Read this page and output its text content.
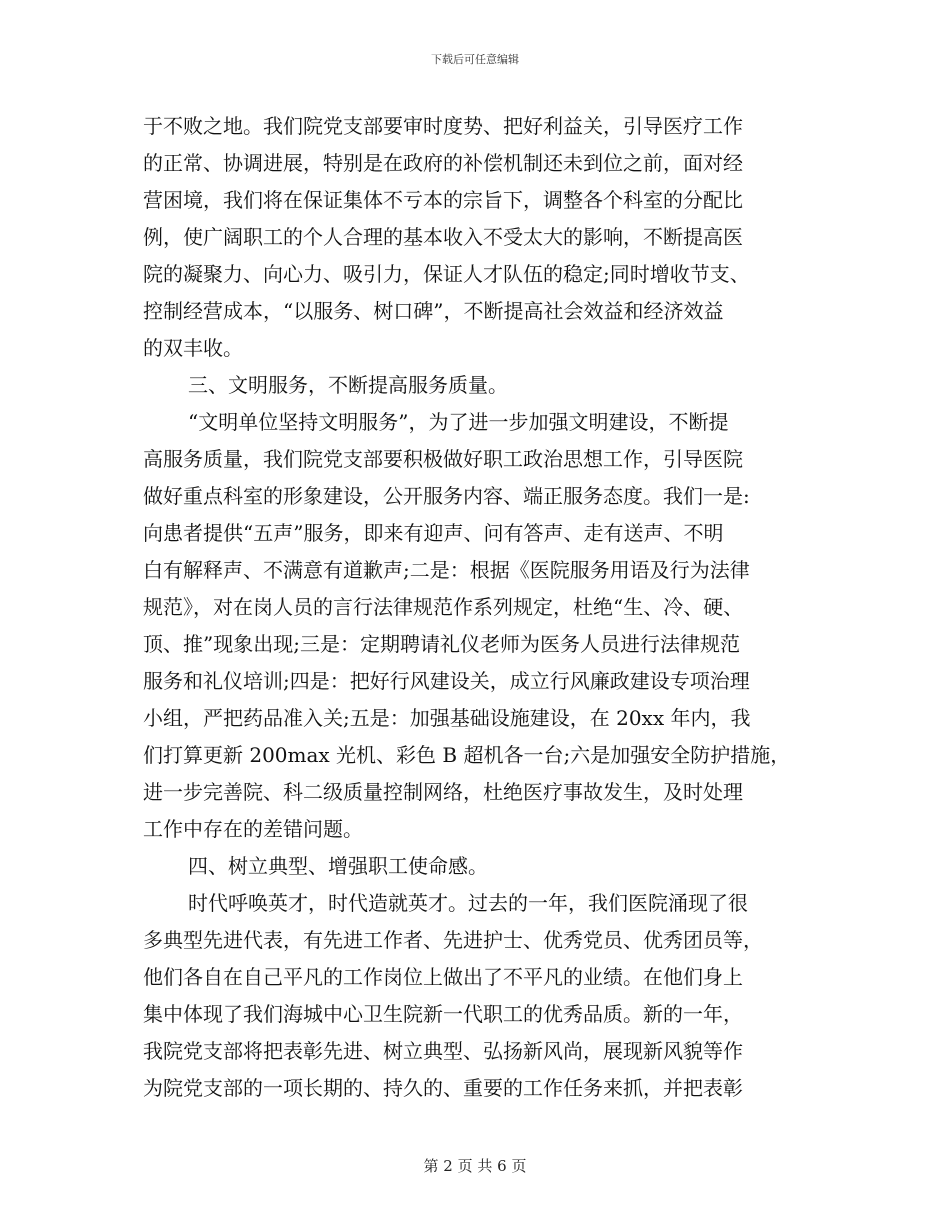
下载后可任意编辑
于不败之地。我们院党支部要审时度势、把好利益关，引导医疗工作
的正常、协调进展，特别是在政府的补偿机制还未到位之前，面对经
营困境，我们将在保证集体不亏本的宗旨下，调整各个科室的分配比
例，使广阔职工的个人合理的基本收入不受太大的影响，不断提高医
院的凝聚力、向心力、吸引力，保证人才队伍的稳定;同时增收节支、
控制经营成本，“以服务、树口碑”，不断提高社会效益和经济效益
的双丰收。
三、文明服务，不断提高服务质量。
“文明单位坚持文明服务”，为了进一步加强文明建设，不断提
高服务质量，我们院党支部要积极做好职工政治思想工作，引导医院
做好重点科室的形象建设，公开服务内容、端正服务态度。我们一是:
向患者提供“五声”服务，即来有迎声、问有答声、走有送声、不明
白有解释声、不满意有道歉声;二是：根据《医院服务用语及行为法律
规范》，对在岗人员的言行法律规范作系列规定，杜绝“生、冷、硬、
顶、推”现象出现;三是：定期聘请礼仪老师为医务人员进行法律规范
服务和礼仪培训;四是：把好行风建设关，成立行风廉政建设专项治理
小组，严把药品准入关;五是：加强基础设施建设，在 20xx 年内，我
们打算更新 200max 光机、彩色 B 超机各一台;六是加强安全防护措施，
进一步完善院、科二级质量控制网络，杜绝医疗事故发生，及时处理
工作中存在的差错问题。
四、树立典型、增强职工使命感。
时代呼唤英才，时代造就英才。过去的一年，我们医院涌现了很
多典型先进代表，有先进工作者、先进护士、优秀党员、优秀团员等，
他们各自在自己平凡的工作岗位上做出了不平凡的业绩。在他们身上
集中体现了我们海城中心卫生院新一代职工的优秀品质。新的一年，
我院党支部将把表彰先进、树立典型、弘扬新风尚，展现新风貌等作
为院党支部的一项长期的、持久的、重要的工作任务来抓，并把表彰
第 2 页 共 6 页
